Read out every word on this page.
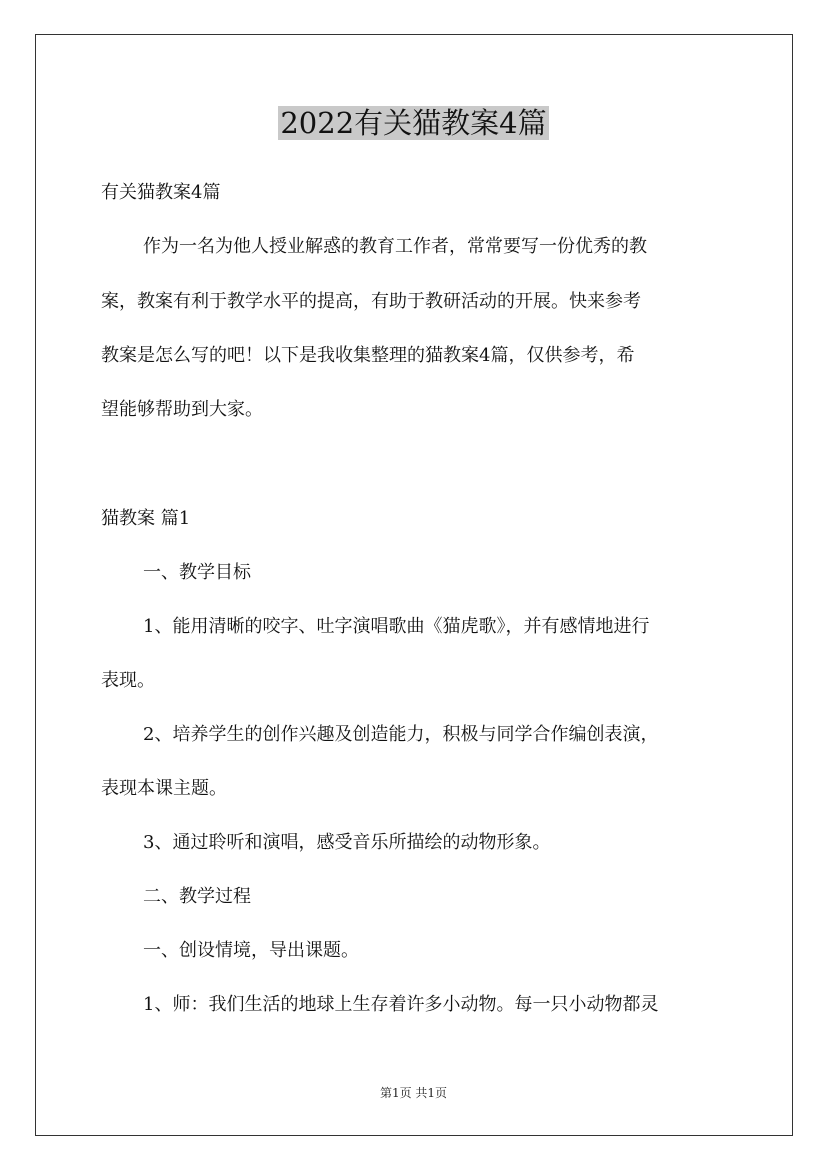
2022有关猫教案4篇

有关猫教案4篇

作为一名为他人授业解惑的教育工作者，常常要写一份优秀的教

案，教案有利于教学水平的提高，有助于教研活动的开展。快来参考

教案是怎么写的吧！以下是我收集整理的猫教案4篇，仅供参考，希

望能够帮助到大家。

猫教案 篇1

一、教学目标

1、能用清晰的咬字、吐字演唱歌曲《猫虎歌》，并有感情地进行

表现。

2、培养学生的创作兴趣及创造能力，积极与同学合作编创表演，

表现本课主题。

3、通过聆听和演唱，感受音乐所描绘的动物形象。

二、教学过程

一、创设情境，导出课题。

1、师：我们生活的地球上生存着许多小动物。每一只小动物都灵

第1页 共1页
